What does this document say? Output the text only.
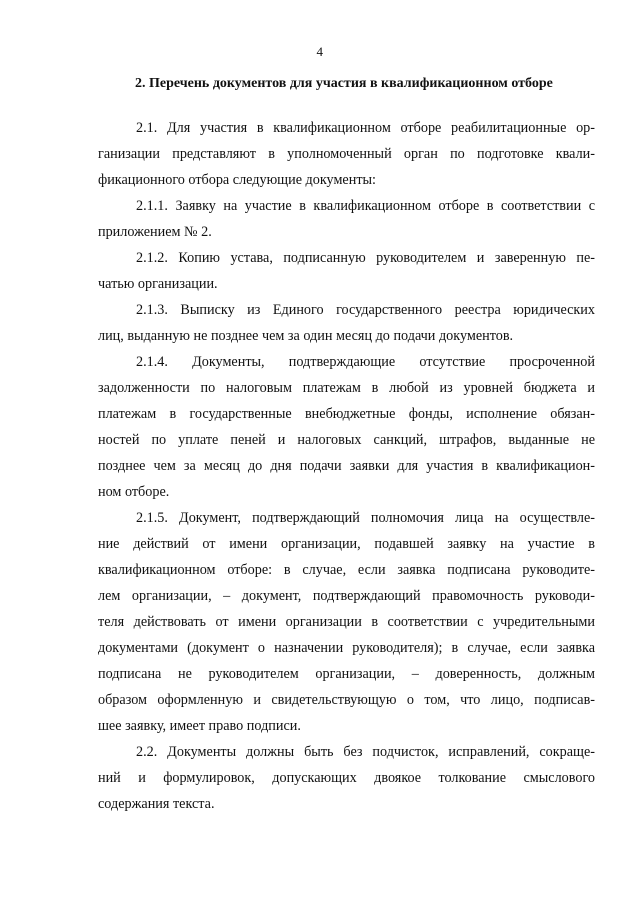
4
2. Перечень документов для участия в квалификационном отборе
2.1. Для участия в квалификационном отборе реабилитационные ор-
ганизации представляют в уполномоченный орган по подготовке квали-
фикационного отбора следующие документы:
2.1.1. Заявку на участие в квалификационном отборе в соответствии с
приложением № 2.
2.1.2. Копию устава, подписанную руководителем и заверенную пе-
чатью организации.
2.1.3. Выписку из Единого государственного реестра юридических
лиц, выданную не позднее чем за один месяц до подачи документов.
2.1.4. Документы, подтверждающие отсутствие просроченной
задолженности по налоговым платежам в любой из уровней бюджета и
платежам в государственные внебюджетные фонды, исполнение обязан-
ностей по уплате пеней и налоговых санкций, штрафов, выданные не
позднее чем за месяц до дня подачи заявки для участия в квалификацион-
ном отборе.
2.1.5. Документ, подтверждающий полномочия лица на осуществле-
ние действий от имени организации, подавшей заявку на участие в
квалификационном отборе: в случае, если заявка подписана руководите-
лем организации, – документ, подтверждающий правомочность руководи-
теля действовать от имени организации в соответствии с учредительными
документами (документ о назначении руководителя); в случае, если заявка
подписана не руководителем организации, – доверенность, должным
образом оформленную и свидетельствующую о том, что лицо, подписав-
шее заявку, имеет право подписи.
2.2. Документы должны быть без подчисток, исправлений, сокраще-
ний и формулировок, допускающих двоякое толкование смыслового
содержания текста.
